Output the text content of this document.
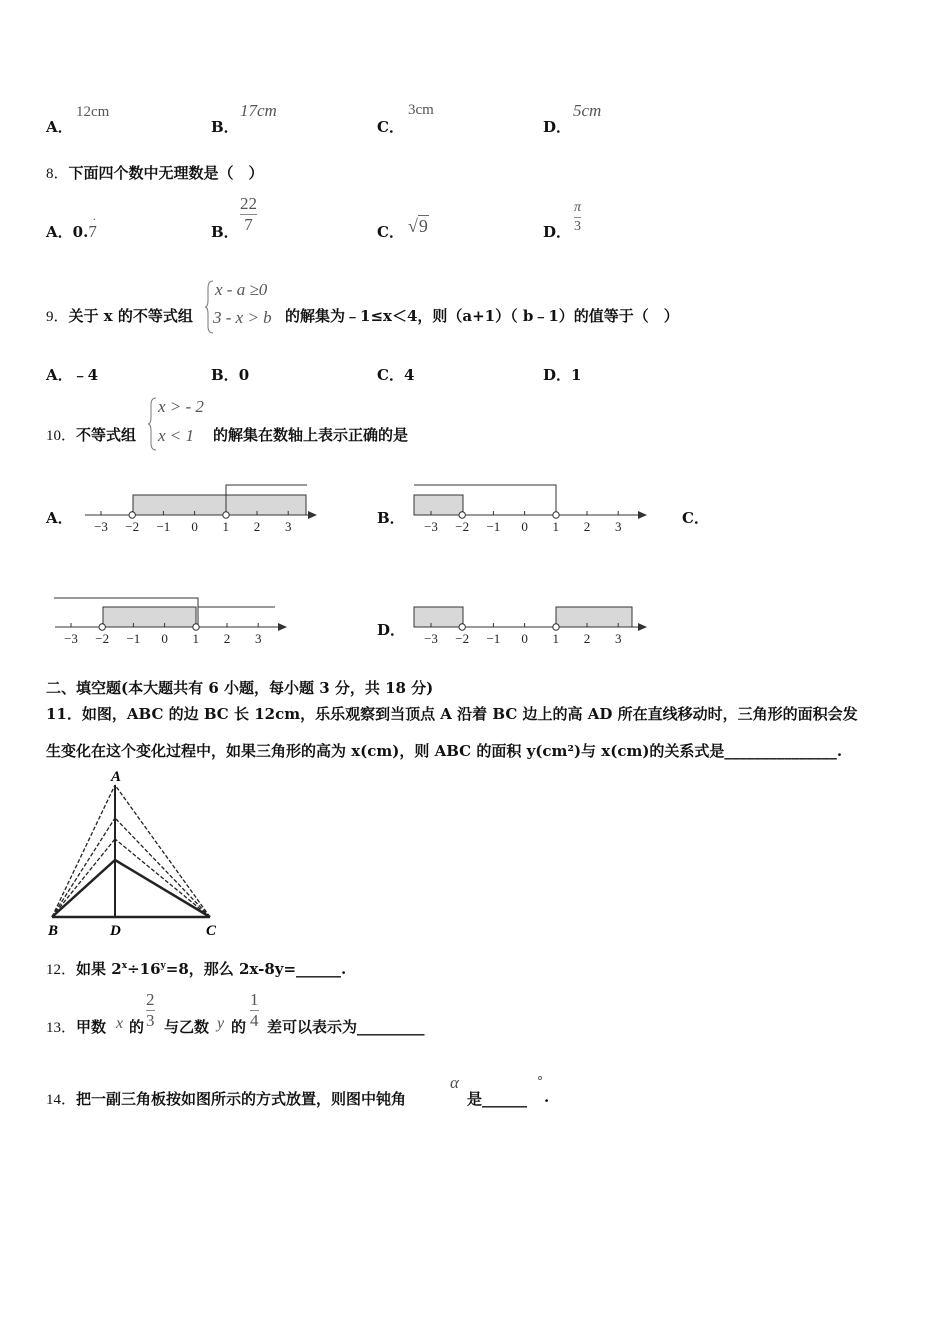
A．
12cm
B．
17cm
C．
3cm
D．
5cm
8．下面四个数中无理数是（　）
A．0.7
·
B．
22
7	C． √9	D．
π
3
9．关于 x 的不等式组
x - a ≥0
3 - x > b 的解集为﹣1≤x＜4，则（a+1）（ b﹣1）的值等于（　）
A．﹣4	B．0	C．4	D．1
10．不等式组
x > - 2
x < 1 的解集在数轴上表示正确的是
A．	B．	C．
D．
−3 −2 −1 0 1 2 3	−3 −2 −1 0 1 2 3
−3 −2 −1 0 1 2 3	−3 −2 −1 0 1 2 3
二、填空题(本大题共有 6 小题，每小题 3 分，共 18 分)
11．如图，ABC 的边 BC 长 12cm，乐乐观察到当顶点 A 沿着 BC 边上的高 AD 所在直线移动时，三角形的面积会发
生变化在这个变化过程中，如果三角形的高为 x(cm)，则 ABC 的面积 y(cm²)与 x(cm)的关系式是_______________.
A
B	D	C
12．如果 $2^x\div 16^y=8$，那么 2x-8y=______.
13．甲数 x 的
2
3 与乙数 y 的
1
4 差可以表示为_________
14．把一副三角板按如图所示的方式放置，则图中钝角
α
是______
∘
.
